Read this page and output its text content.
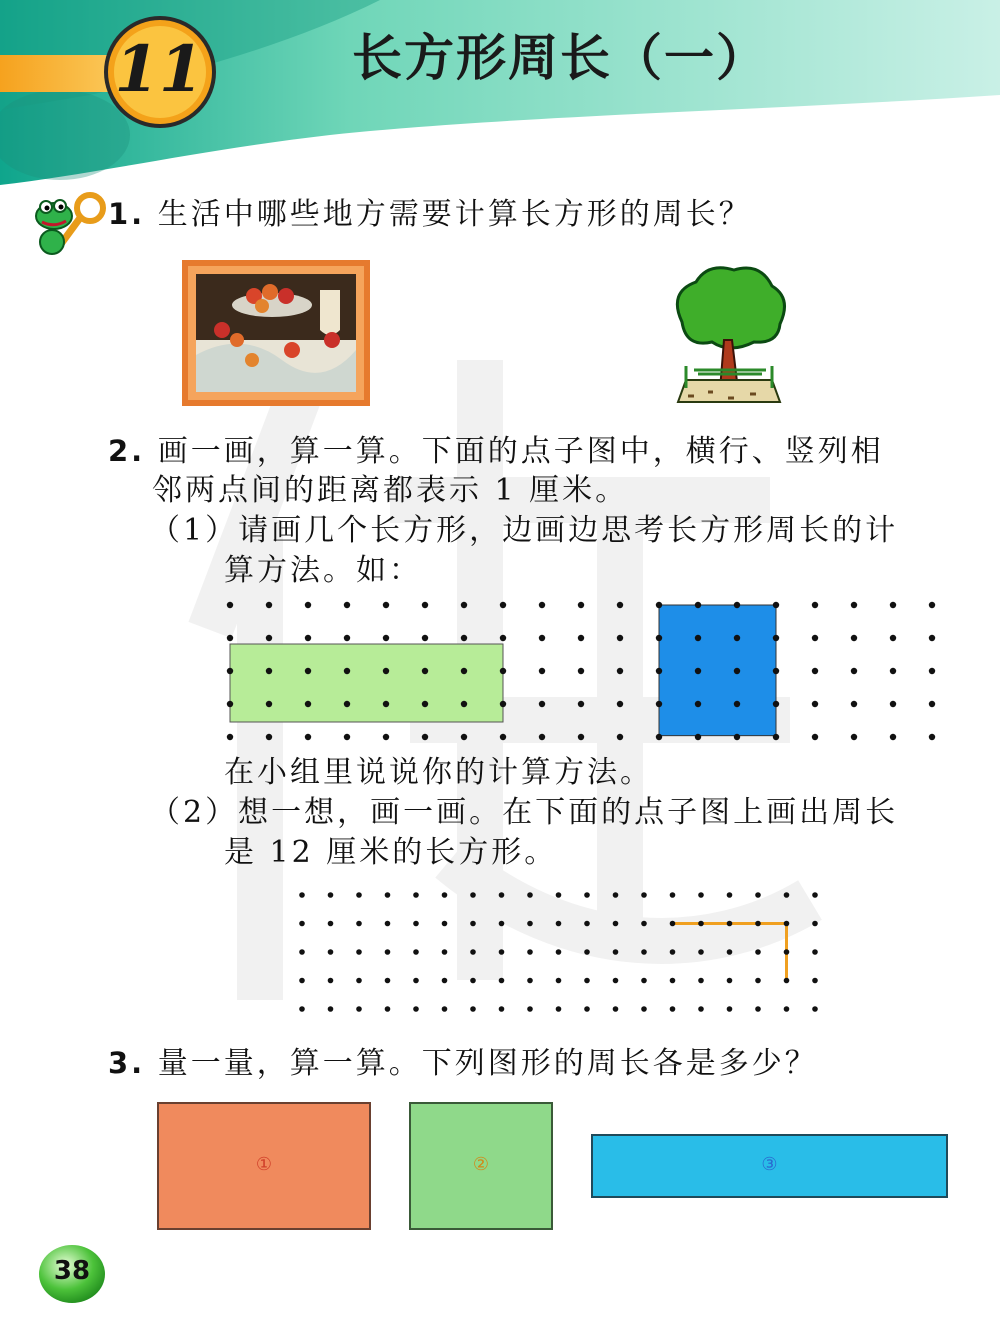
11	长方形周长（一）
1. 生活中哪些地方需要计算长方形的周长？
2. 画一画，算一算。下面的点子图中，横行、竖列相
邻两点间的距离都表示 1 厘米。
（1）请画几个长方形，边画边思考长方形周长的计
算方法。如：
在小组里说说你的计算方法。
（2）想一想，画一画。在下面的点子图上画出周长
是 12 厘米的长方形。
3. 量一量，算一算。下列图形的周长各是多少？
①	②	③
38
